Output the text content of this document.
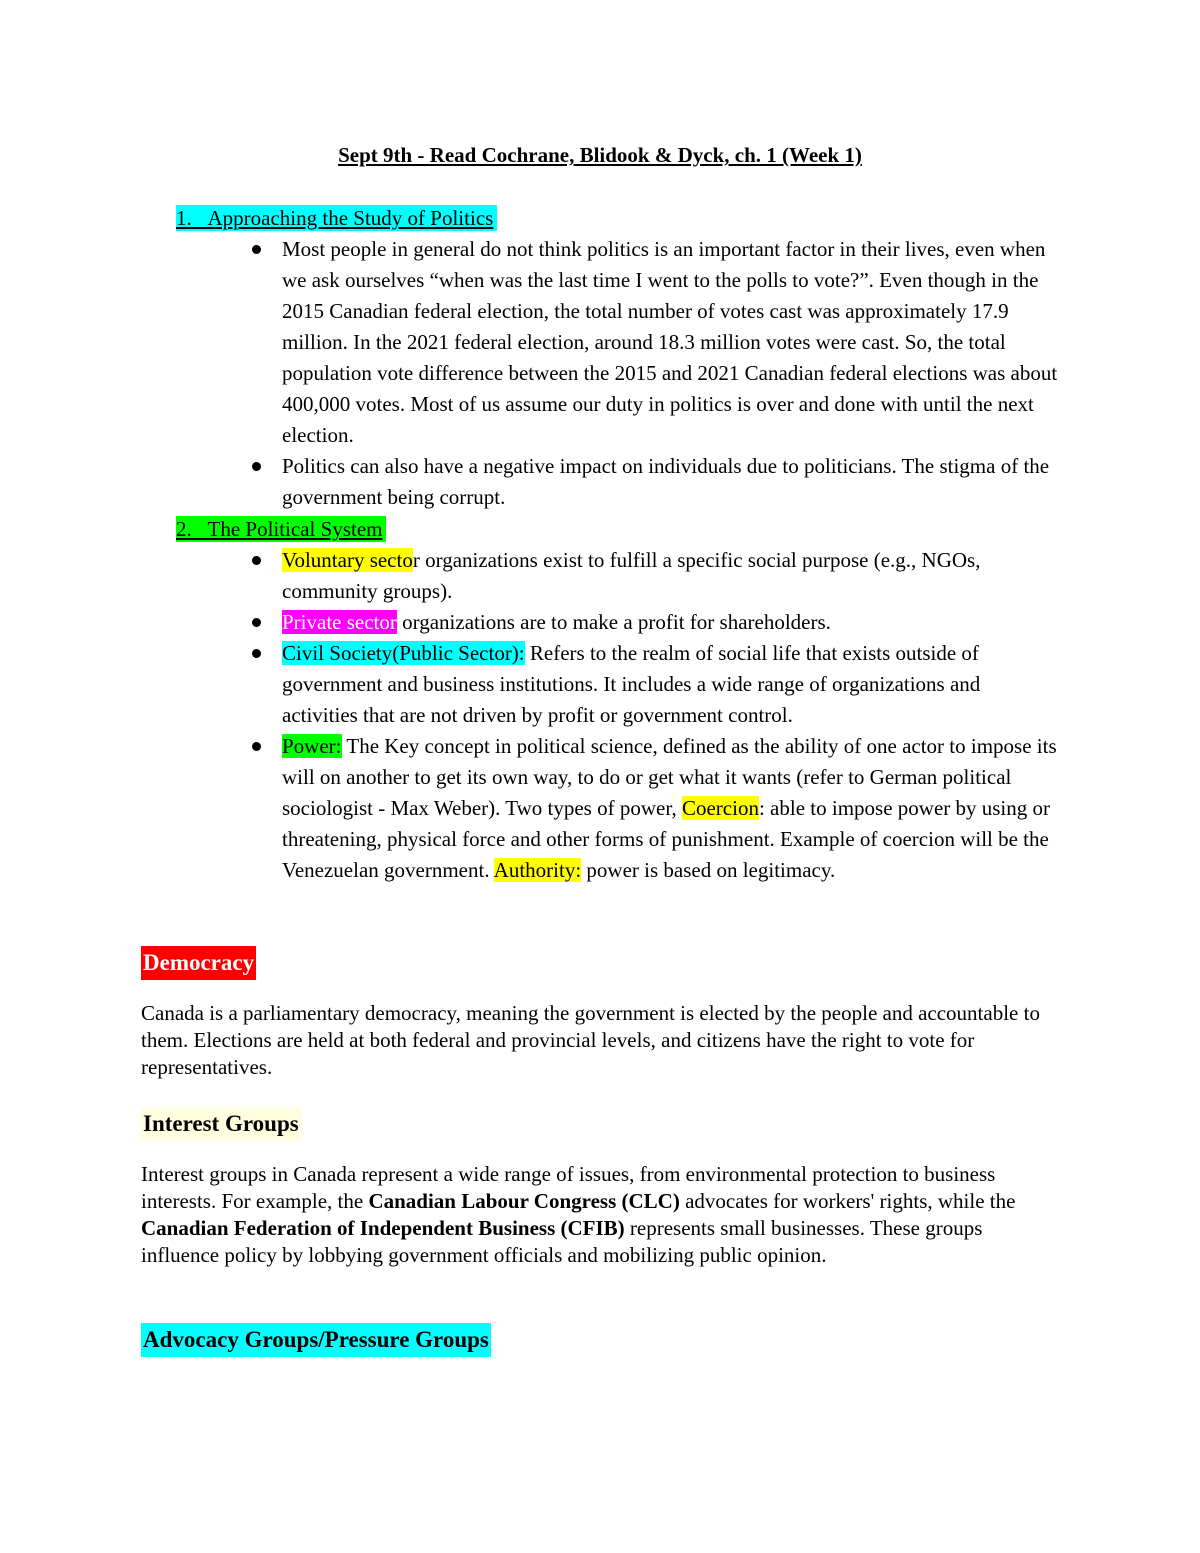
Sept 9th - Read Cochrane, Blidook & Dyck, ch. 1 (Week 1)
1. Approaching the Study of Politics
Most people in general do not think politics is an important factor in their lives, even when we ask ourselves “when was the last time I went to the polls to vote?”. Even though in the 2015 Canadian federal election, the total number of votes cast was approximately 17.9 million. In the 2021 federal election, around 18.3 million votes were cast. So, the total population vote difference between the 2015 and 2021 Canadian federal elections was about 400,000 votes. Most of us assume our duty in politics is over and done with until the next election.
Politics can also have a negative impact on individuals due to politicians. The stigma of the government being corrupt.
2. The Political System
Voluntary sector organizations exist to fulfill a specific social purpose (e.g., NGOs, community groups).
Private sector organizations are to make a profit for shareholders.
Civil Society(Public Sector): Refers to the realm of social life that exists outside of government and business institutions. It includes a wide range of organizations and activities that are not driven by profit or government control.
Power: The Key concept in political science, defined as the ability of one actor to impose its will on another to get its own way, to do or get what it wants (refer to German political sociologist - Max Weber). Two types of power, Coercion: able to impose power by using or threatening, physical force and other forms of punishment. Example of coercion will be the Venezuelan government. Authority: power is based on legitimacy.
Democracy

Canada is a parliamentary democracy, meaning the government is elected by the people and accountable to them. Elections are held at both federal and provincial levels, and citizens have the right to vote for representatives.

Interest Groups

Interest groups in Canada represent a wide range of issues, from environmental protection to business interests. For example, the Canadian Labour Congress (CLC) advocates for workers' rights, while the Canadian Federation of Independent Business (CFIB) represents small businesses. These groups influence policy by lobbying government officials and mobilizing public opinion.

Advocacy Groups/Pressure Groups
